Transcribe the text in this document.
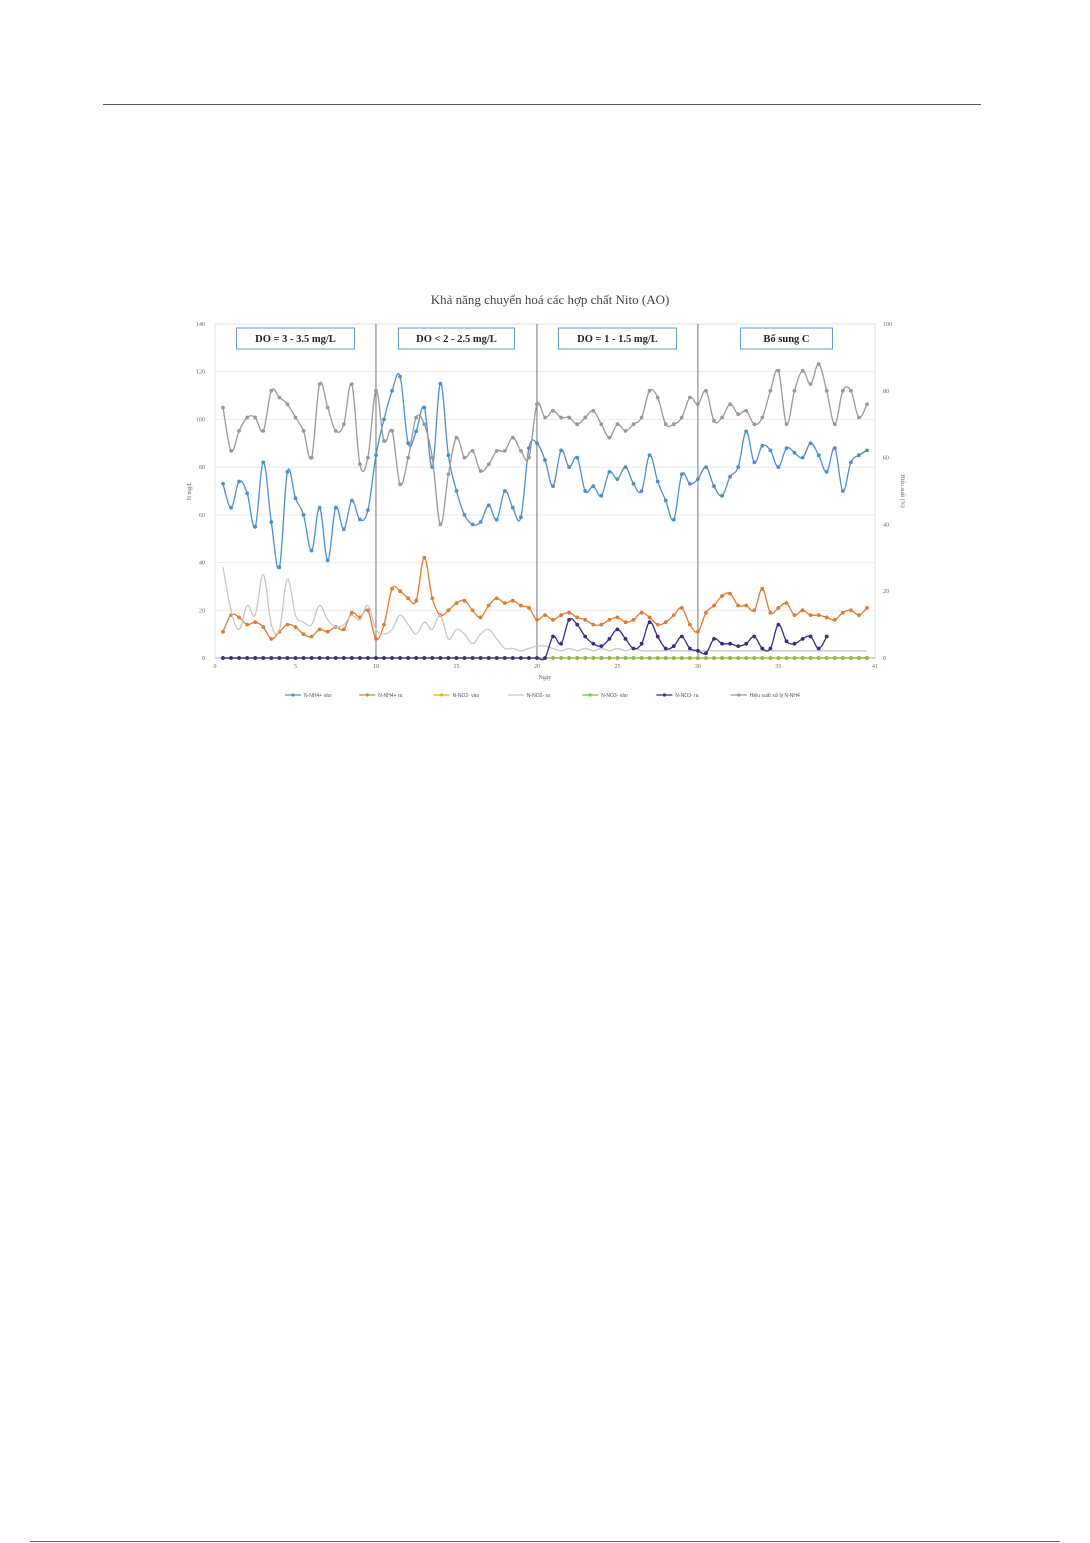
Khả năng chuyển hoá các hợp chất Nito (AO)
0
20
40
60
80
100
120
140
0
20
40
60
80
100
0	5	10	15	20	25	30	35	41
Ngày
N mg/L	Hiệu suất (%)
DO = 3 - 3.5 mg/L	DO < 2 - 2.5 mg/L	DO = 1 - 1.5 mg/L	Bổ sung C
N-NH4+ vào	N-NH4+ ra	N-NO2- vào	N-NO2- ra	N-NO3- vào	N-NO3- ra	Hiệu suất xử lý N-NH4
